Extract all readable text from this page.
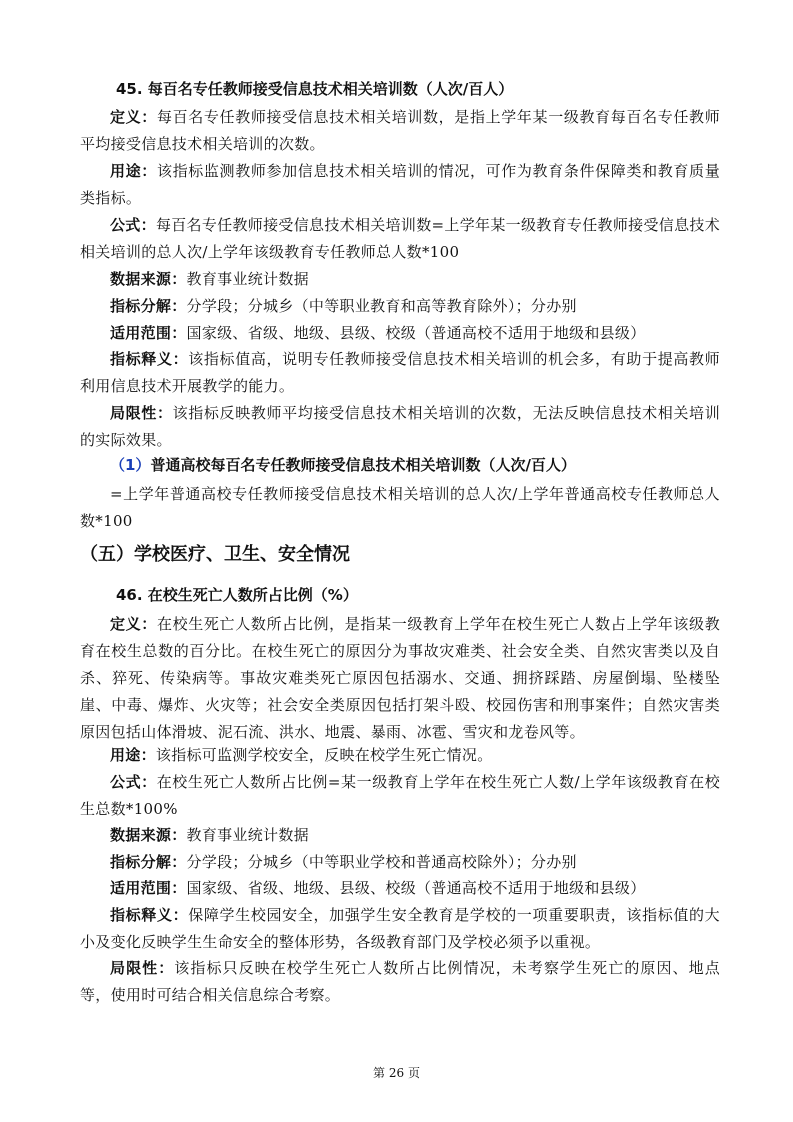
45. 每百名专任教师接受信息技术相关培训数（人次/百人）
定义：每百名专任教师接受信息技术相关培训数，是指上学年某一级教育每百名专任教师平均接受信息技术相关培训的次数。
用途：该指标监测教师参加信息技术相关培训的情况，可作为教育条件保障类和教育质量类指标。
公式：每百名专任教师接受信息技术相关培训数=上学年某一级教育专任教师接受信息技术相关培训的总人次/上学年该级教育专任教师总人数*100
数据来源：教育事业统计数据
指标分解：分学段；分城乡（中等职业教育和高等教育除外）；分办别
适用范围：国家级、省级、地级、县级、校级（普通高校不适用于地级和县级）
指标释义：该指标值高，说明专任教师接受信息技术相关培训的机会多，有助于提高教师利用信息技术开展教学的能力。
局限性：该指标反映教师平均接受信息技术相关培训的次数，无法反映信息技术相关培训的实际效果。
（1）普通高校每百名专任教师接受信息技术相关培训数（人次/百人）
=上学年普通高校专任教师接受信息技术相关培训的总人次/上学年普通高校专任教师总人数*100
（五）学校医疗、卫生、安全情况
46. 在校生死亡人数所占比例（%）
定义：在校生死亡人数所占比例，是指某一级教育上学年在校生死亡人数占上学年该级教育在校生总数的百分比。在校生死亡的原因分为事故灾难类、社会安全类、自然灾害类以及自杀、猝死、传染病等。事故灾难类死亡原因包括溺水、交通、拥挤踩踏、房屋倒塌、坠楼坠崖、中毒、爆炸、火灾等；社会安全类原因包括打架斗殴、校园伤害和刑事案件；自然灾害类原因包括山体滑坡、泥石流、洪水、地震、暴雨、冰雹、雪灾和龙卷风等。
用途：该指标可监测学校安全，反映在校学生死亡情况。
公式：在校生死亡人数所占比例=某一级教育上学年在校生死亡人数/上学年该级教育在校生总数*100%
数据来源：教育事业统计数据
指标分解：分学段；分城乡（中等职业学校和普通高校除外）；分办别
适用范围：国家级、省级、地级、县级、校级（普通高校不适用于地级和县级）
指标释义：保障学生校园安全，加强学生安全教育是学校的一项重要职责，该指标值的大小及变化反映学生生命安全的整体形势，各级教育部门及学校必须予以重视。
局限性：该指标只反映在校学生死亡人数所占比例情况，未考察学生死亡的原因、地点等，使用时可结合相关信息综合考察。
第 26 页
